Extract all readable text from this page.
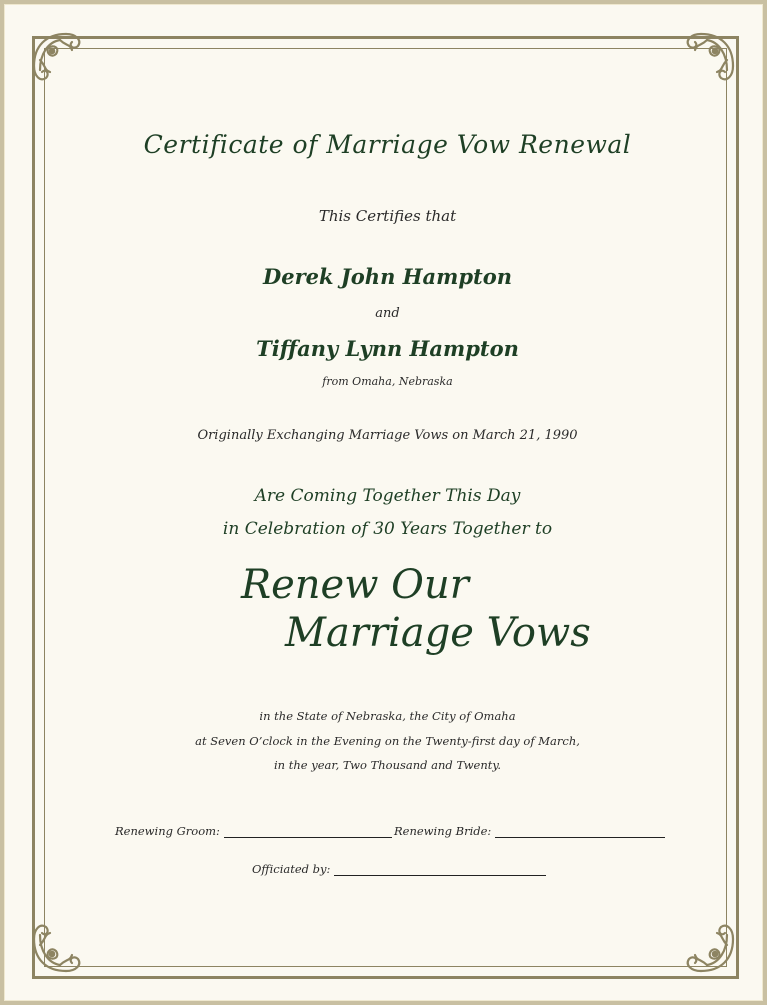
Certificate of Marriage Vow Renewal
This Certifies that
Derek John Hampton
and
Tiffany Lynn Hampton
from Omaha, Nebraska
Originally Exchanging Marriage Vows on March 21, 1990
Are Coming Together This Day
in Celebration of 30 Years Together to
Renew Our
Marriage Vows
in the State of Nebraska, the City of Omaha
at Seven O’clock in the Evening on the Twenty-first day of March,
in the year, Two Thousand and Twenty.
Renewing Groom:	Renewing Bride:
Officiated by:
